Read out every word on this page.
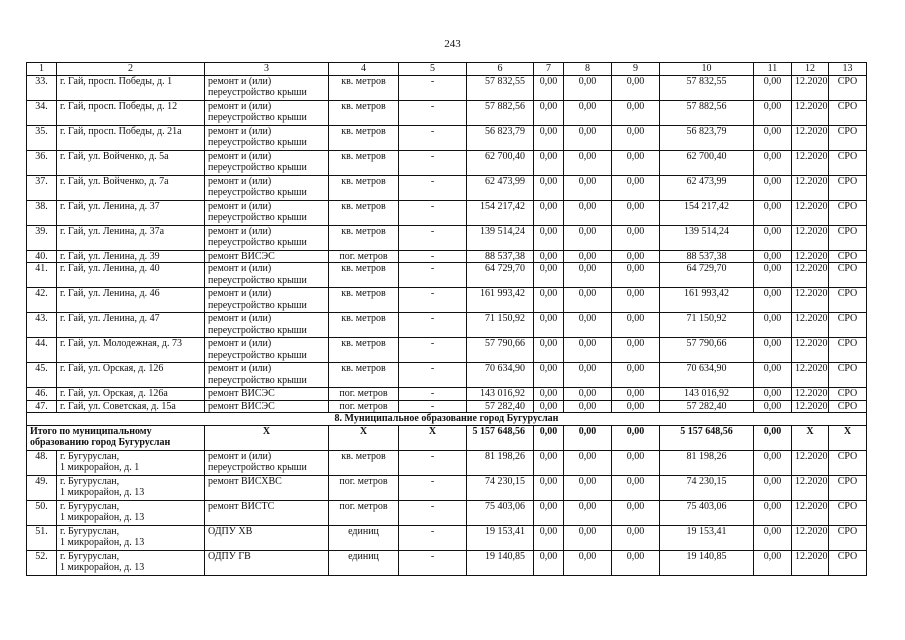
243
1	2	3	4	5	6	7	8	9	10	11	12	13
33.	г. Гай, просп. Победы, д. 1	ремонт и (или)
переустройство крыши	кв. метров	-	57 832,55	0,00	0,00	0,00	57 832,55	0,00	12.2020	СРО
34.	г. Гай, просп. Победы, д. 12	ремонт и (или)
переустройство крыши	кв. метров	-	57 882,56	0,00	0,00	0,00	57 882,56	0,00	12.2020	СРО
35.	г. Гай, просп. Победы, д. 21а	ремонт и (или)
переустройство крыши	кв. метров	-	56 823,79	0,00	0,00	0,00	56 823,79	0,00	12.2020	СРО
36.	г. Гай, ул. Войченко, д. 5а	ремонт и (или)
переустройство крыши	кв. метров	-	62 700,40	0,00	0,00	0,00	62 700,40	0,00	12.2020	СРО
37.	г. Гай, ул. Войченко, д. 7а	ремонт и (или)
переустройство крыши	кв. метров	-	62 473,99	0,00	0,00	0,00	62 473,99	0,00	12.2020	СРО
38.	г. Гай, ул. Ленина, д. 37	ремонт и (или)
переустройство крыши	кв. метров	-	154 217,42	0,00	0,00	0,00	154 217,42	0,00	12.2020	СРО
39.	г. Гай, ул. Ленина, д. 37а	ремонт и (или)
переустройство крыши	кв. метров	-	139 514,24	0,00	0,00	0,00	139 514,24	0,00	12.2020	СРО
40.	г. Гай, ул. Ленина, д. 39	ремонт ВИСЭС	пог. метров	-	88 537,38	0,00	0,00	0,00	88 537,38	0,00	12.2020	СРО
41.	г. Гай, ул. Ленина, д. 40	ремонт и (или)
переустройство крыши	кв. метров	-	64 729,70	0,00	0,00	0,00	64 729,70	0,00	12.2020	СРО
42.	г. Гай, ул. Ленина, д. 46	ремонт и (или)
переустройство крыши	кв. метров	-	161 993,42	0,00	0,00	0,00	161 993,42	0,00	12.2020	СРО
43.	г. Гай, ул. Ленина, д. 47	ремонт и (или)
переустройство крыши	кв. метров	-	71 150,92	0,00	0,00	0,00	71 150,92	0,00	12.2020	СРО
44.	г. Гай, ул. Молодежная, д. 73	ремонт и (или)
переустройство крыши	кв. метров	-	57 790,66	0,00	0,00	0,00	57 790,66	0,00	12.2020	СРО
45.	г. Гай, ул. Орская, д. 126	ремонт и (или)
переустройство крыши	кв. метров	-	70 634,90	0,00	0,00	0,00	70 634,90	0,00	12.2020	СРО
46.	г. Гай, ул. Орская, д. 126а	ремонт ВИСЭС	пог. метров	-	143 016,92	0,00	0,00	0,00	143 016,92	0,00	12.2020	СРО
47.	г. Гай, ул. Советская, д. 15а	ремонт ВИСЭС	пог. метров	-	57 282,40	0,00	0,00	0,00	57 282,40	0,00	12.2020	СРО
8. Муниципальное образование город Бугуруслан												
Итого по муниципальному
образованию город Бугуруслан		X	X	X	5 157 648,56	0,00	0,00	0,00	5 157 648,56	0,00	X	X
48.	г. Бугуруслан,
1 микрорайон, д. 1	ремонт и (или)
переустройство крыши	кв. метров	-	81 198,26	0,00	0,00	0,00	81 198,26	0,00	12.2020	СРО
49.	г. Бугуруслан,
1 микрорайон, д. 13	ремонт ВИСХВС	пог. метров	-	74 230,15	0,00	0,00	0,00	74 230,15	0,00	12.2020	СРО
50.	г. Бугуруслан,
1 микрорайон, д. 13	ремонт ВИСТС	пог. метров	-	75 403,06	0,00	0,00	0,00	75 403,06	0,00	12.2020	СРО
51.	г. Бугуруслан,
1 микрорайон, д. 13	ОДПУ ХВ	единиц	-	19 153,41	0,00	0,00	0,00	19 153,41	0,00	12.2020	СРО
52.	г. Бугуруслан,
1 микрорайон, д. 13	ОДПУ ГВ	единиц	-	19 140,85	0,00	0,00	0,00	19 140,85	0,00	12.2020	СРО
